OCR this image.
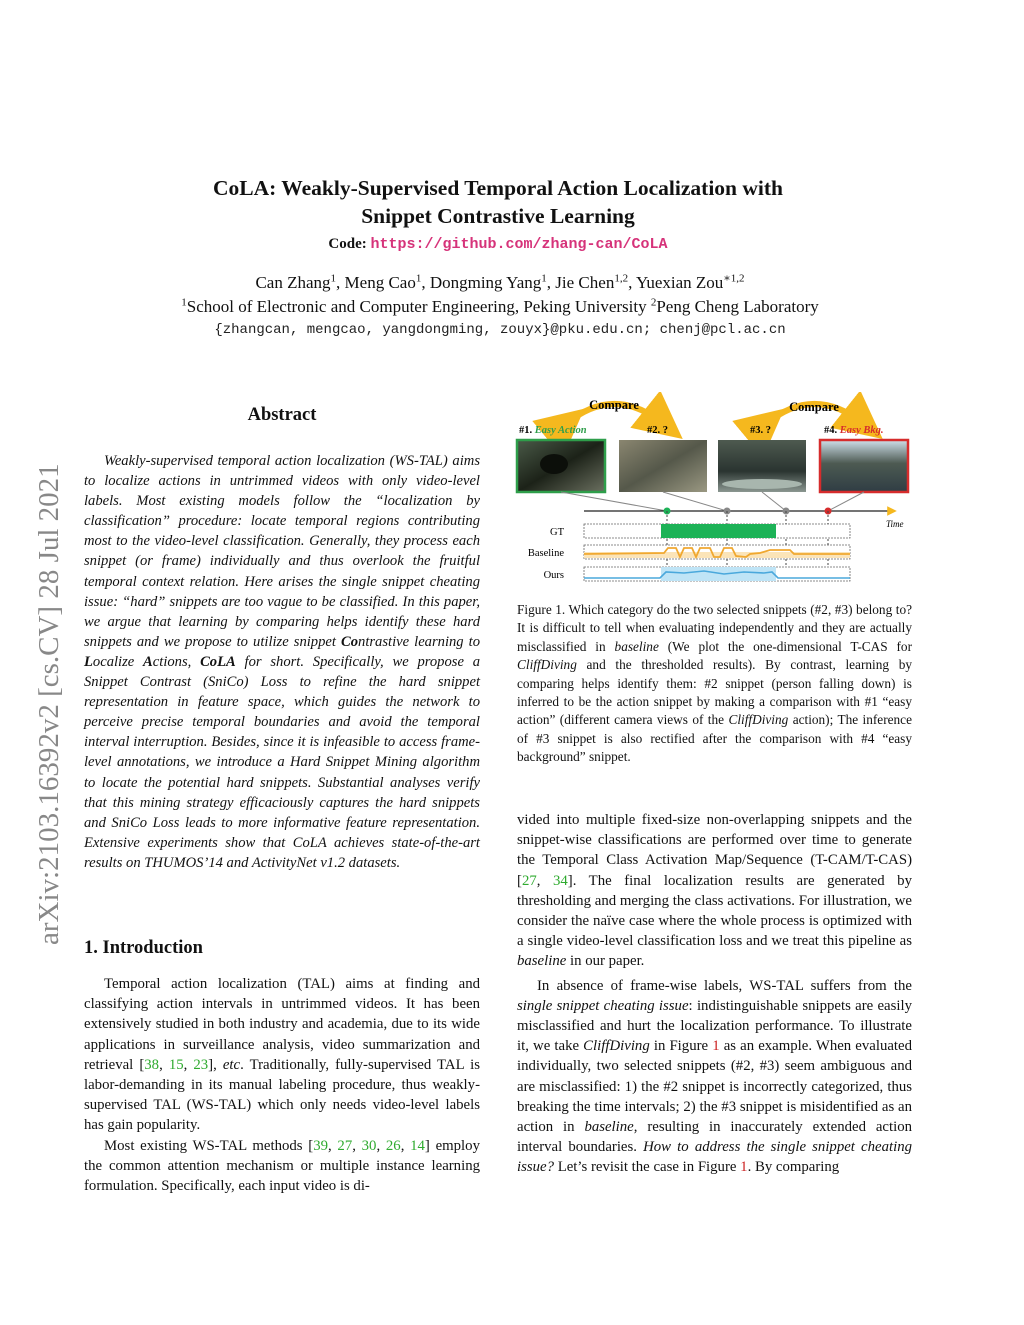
arXiv:2103.16392v2 [cs.CV] 28 Jul 2021
CoLA: Weakly-Supervised Temporal Action Localization with
Snippet Contrastive Learning
Code: https://github.com/zhang-can/CoLA
Can Zhang$^1$, Meng Cao$^1$, Dongming Yang$^1$, Jie Chen$^{1,2}$, Yuexian Zou$^{∗1,2}$
$^1$School of Electronic and Computer Engineering, Peking University $^2$Peng Cheng Laboratory
{zhangcan, mengcao, yangdongming, zouyx}@pku.edu.cn; chenj@pcl.ac.cn
Abstract

Weakly-supervised temporal action localization (WS-TAL) aims to localize actions in untrimmed videos with only video-level labels. Most existing models follow the “localization by classification” procedure: locate temporal regions contributing most to the video-level classification. Generally, they process each snippet (or frame) individually and thus overlook the fruitful temporal context relation. Here arises the single snippet cheating issue: “hard” snippets are too vague to be classified. In this paper, we argue that learning by comparing helps identify these hard snippets and we propose to utilize snippet Contrastive learning to Localize Actions, CoLA for short. Specifically, we propose a Snippet Contrast (SniCo) Loss to refine the hard snippet representation in feature space, which guides the network to perceive precise temporal boundaries and avoid the temporal interval interruption. Besides, since it is infeasible to access frame-level annotations, we introduce a Hard Snippet Mining algorithm to locate the potential hard snippets. Substantial analyses verify that this mining strategy efficaciously captures the hard snippets and SniCo Loss leads to more informative feature representation. Extensive experiments show that CoLA achieves state-of-the-art results on THUMOS’14 and ActivityNet v1.2 datasets.

1. Introduction

Temporal action localization (TAL) aims at finding and classifying action intervals in untrimmed videos. It has been extensively studied in both industry and academia, due to its wide applications in surveillance analysis, video summarization and retrieval [38, 15, 23], etc. Traditionally, fully-supervised TAL is labor-demanding in its manual labeling procedure, thus weakly-supervised TAL (WS-TAL) which only needs video-level labels has gain popularity.

Most existing WS-TAL methods [39, 27, 30, 26, 14] employ the common attention mechanism or multiple instance learning formulation. Specifically, each input video is di-

Compare	Compare
#1. Easy Action	#2. ?	#3. ?	#4. Easy Bkg.
Time
GT
Baseline
Ours
Figure 1. Which category do the two selected snippets (#2, #3) belong to? It is difficult to tell when evaluating independently and they are actually misclassified in baseline (We plot the one-dimensional T-CAS for CliffDiving and the thresholded results). By contrast, learning by comparing helps identify them: #2 snippet (person falling down) is inferred to be the action snippet by making a comparison with #1 “easy action” (different camera views of the CliffDiving action); The inference of #3 snippet is also rectified after the comparison with #4 “easy background” snippet.

vided into multiple fixed-size non-overlapping snippets and the snippet-wise classifications are performed over time to generate the Temporal Class Activation Map/Sequence (T-CAM/T-CAS)[27, 34]. The final localization results are generated by thresholding and merging the class activations. For illustration, we consider the naïve case where the whole process is optimized with a single video-level classification loss and we treat this pipeline as baseline in our paper.

In absence of frame-wise labels, WS-TAL suffers from the single snippet cheating issue: indistinguishable snippets are easily misclassified and hurt the localization performance. To illustrate it, we take CliffDiving in Figure 1 as an example. When evaluated individually, two selected snippets (#2, #3) seem ambiguous and are misclassified: 1) the #2 snippet is incorrectly categorized, thus breaking the time intervals; 2) the #3 snippet is misidentified as an action in baseline, resulting in inaccurately extended action interval boundaries. How to address the single snippet cheating issue? Let’s revisit the case in Figure 1. By comparing
